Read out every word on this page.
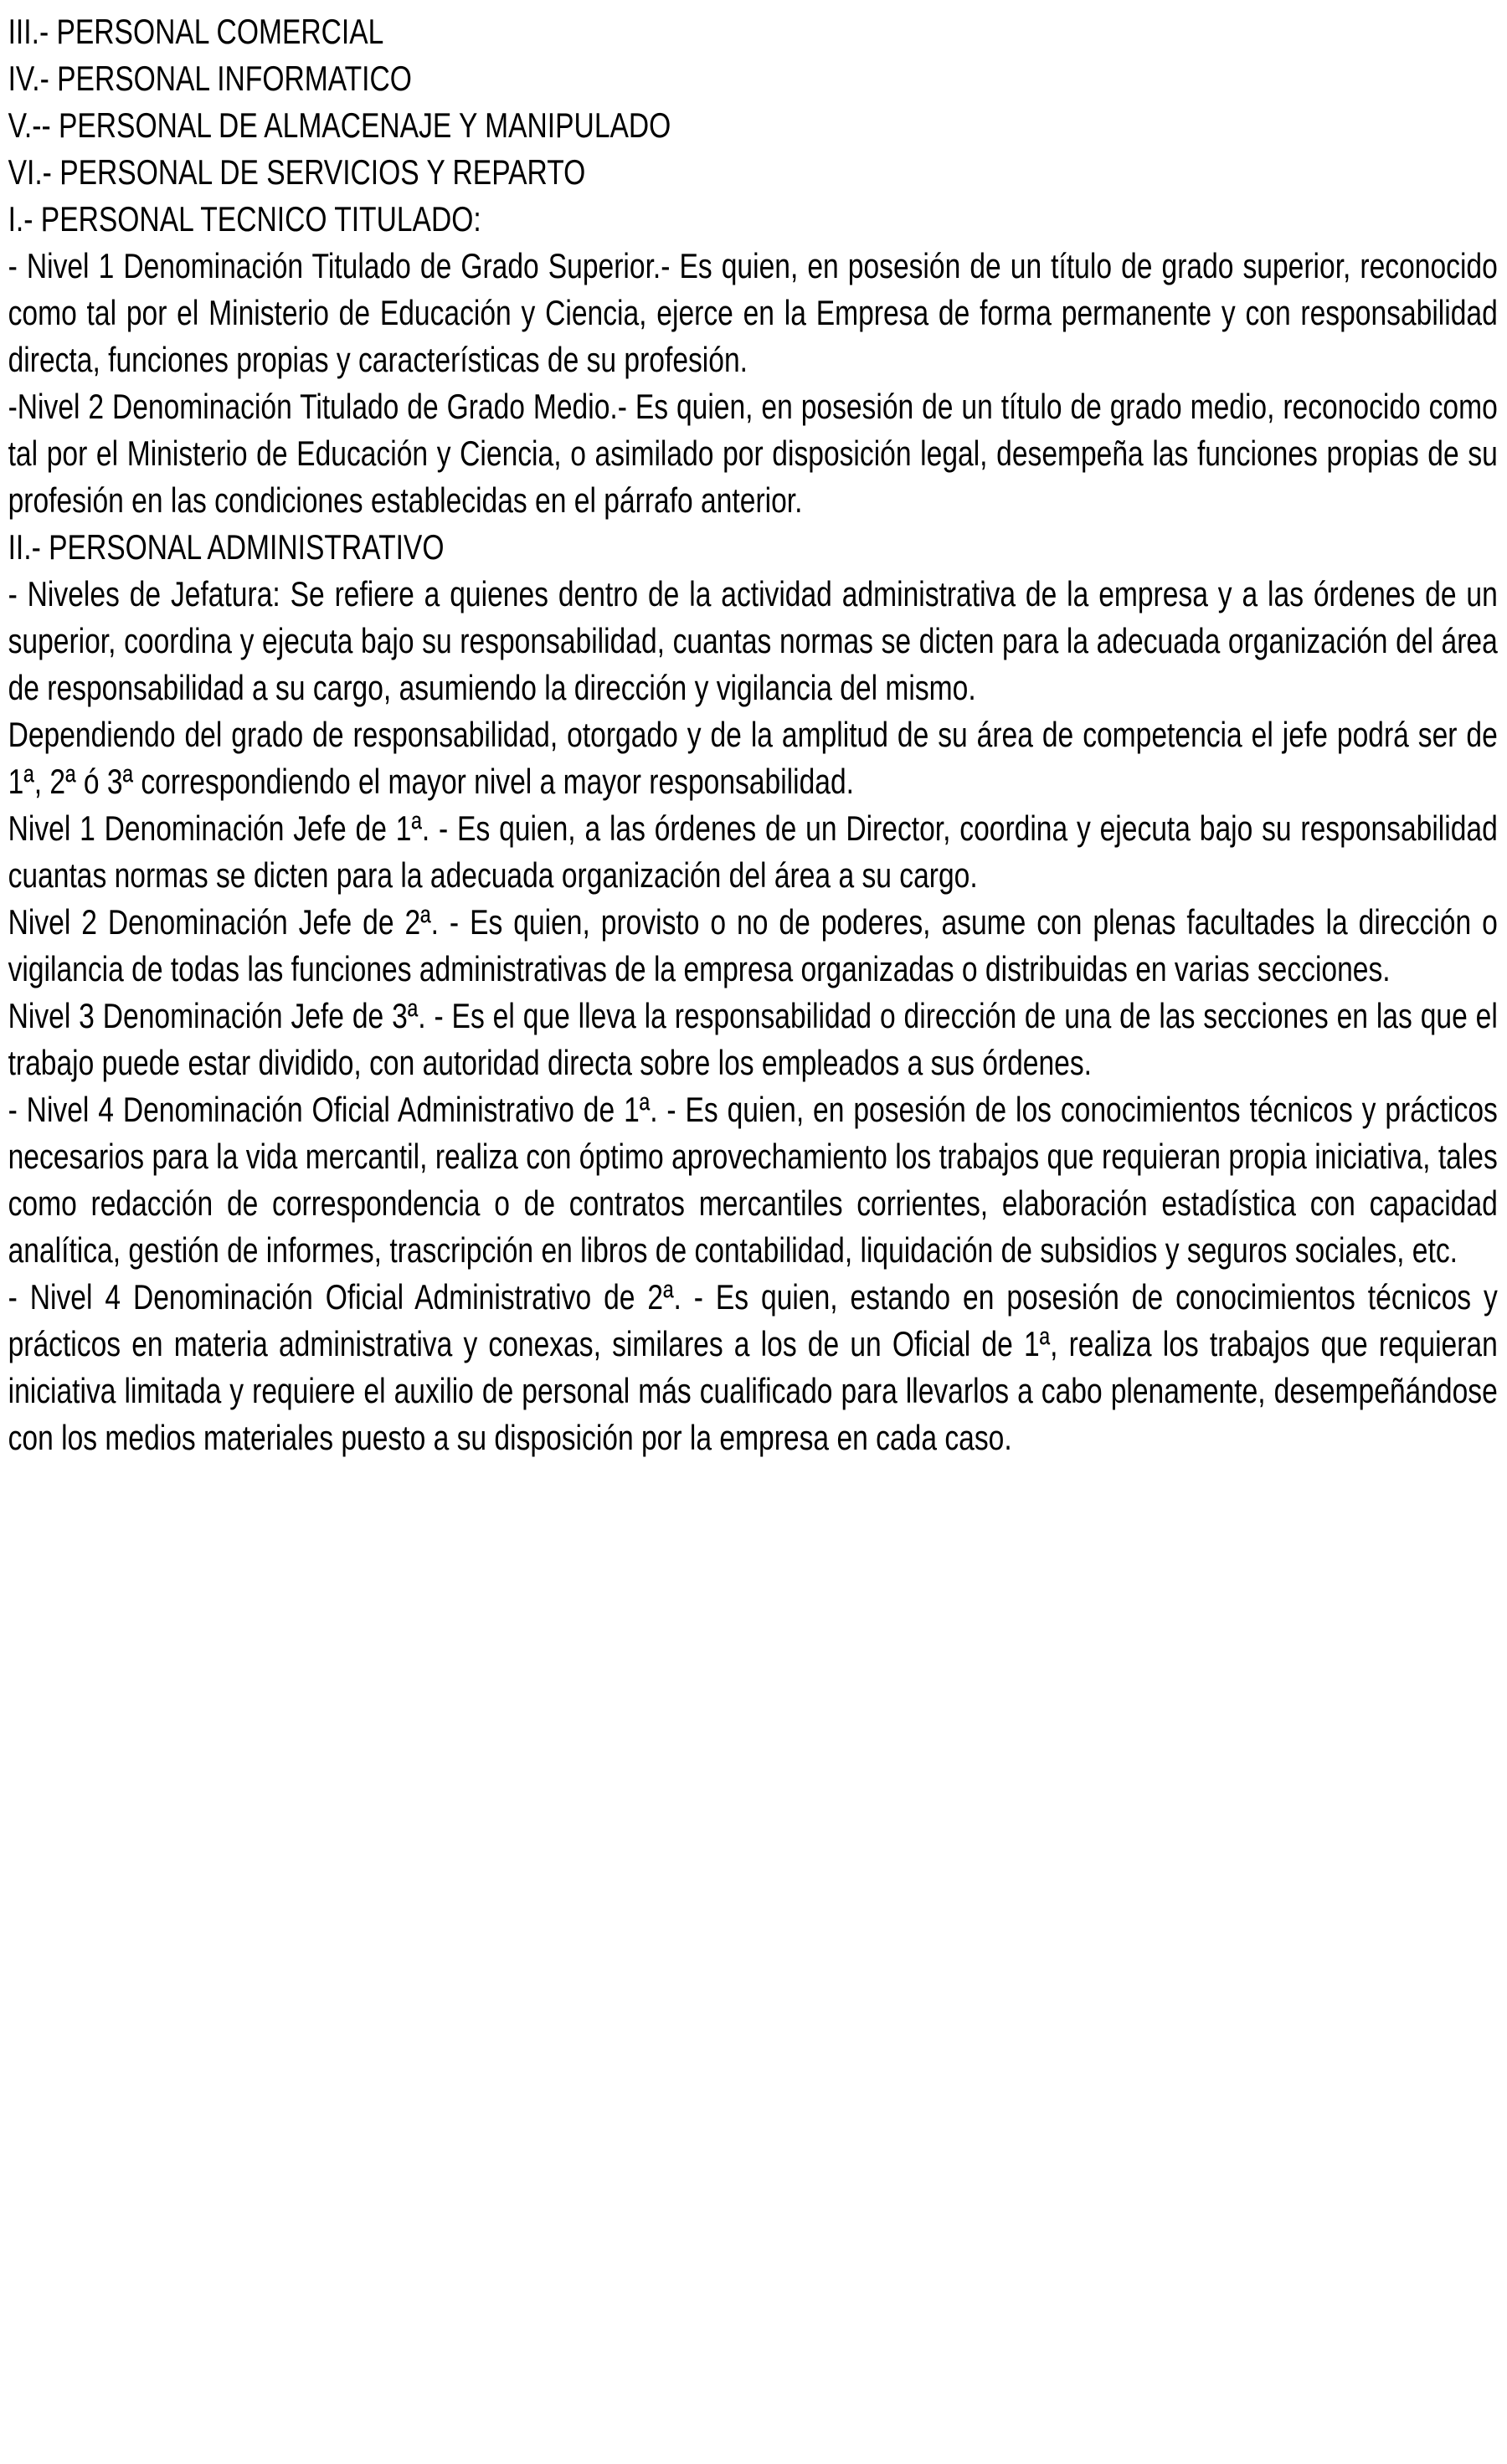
III.- PERSONAL COMERCIAL

IV.- PERSONAL INFORMATICO

V.-- PERSONAL DE ALMACENAJE Y MANIPULADO

VI.- PERSONAL DE SERVICIOS Y REPARTO

I.- PERSONAL TECNICO TITULADO:

- Nivel 1 Denominación Titulado de Grado Superior.- Es quien, en posesión de un título de grado superior, reconocido como tal por el Ministerio de Educación y Ciencia, ejerce en la Empresa de forma permanente y con responsabilidad directa, funciones propias y características de su profesión.

-Nivel 2 Denominación Titulado de Grado Medio.- Es quien, en posesión de un título de grado medio, reconocido como tal por el Ministerio de Educación y Ciencia, o asimilado por disposición legal, desempeña las funciones propias de su profesión en las condiciones establecidas en el párrafo anterior.

II.- PERSONAL ADMINISTRATIVO

- Niveles de Jefatura: Se refiere a quienes dentro de la actividad administrativa de la empresa y a las órdenes de un superior, coordina y ejecuta bajo su responsabilidad, cuantas normas se dicten para la adecuada organización del área de responsabilidad a su cargo, asumiendo la dirección y vigilancia del mismo.

Dependiendo del grado de responsabilidad, otorgado y de la amplitud de su área de competencia el jefe podrá ser de 1ª, 2ª ó 3ª correspondiendo el mayor nivel a mayor responsabilidad.

Nivel 1 Denominación Jefe de 1ª. - Es quien, a las órdenes de un Director, coordina y ejecuta bajo su responsabilidad cuantas normas se dicten para la adecuada organización del área a su cargo.

Nivel 2 Denominación Jefe de 2ª. - Es quien, provisto o no de poderes, asume con plenas facultades la dirección o vigilancia de todas las funciones administrativas de la empresa organizadas o distribuidas en varias secciones.

Nivel 3 Denominación Jefe de 3ª. - Es el que lleva la responsabilidad o dirección de una de las secciones en las que el trabajo puede estar dividido, con autoridad directa sobre los empleados a sus órdenes.

- Nivel 4 Denominación Oficial Administrativo de 1ª. - Es quien, en posesión de los conocimientos técnicos y prácticos necesarios para la vida mercantil, realiza con óptimo aprovechamiento los trabajos que requieran propia iniciativa, tales como redacción de correspondencia o de contratos mercantiles corrientes, elaboración estadística con capacidad analítica, gestión de informes, trascripción en libros de contabilidad, liquidación de subsidios y seguros sociales, etc.

- Nivel 4 Denominación Oficial Administrativo de 2ª. - Es quien, estando en posesión de conocimientos técnicos y prácticos en materia administrativa y conexas, similares a los de un Oficial de 1ª, realiza los trabajos que requieran iniciativa limitada y requiere el auxilio de personal más cualificado para llevarlos a cabo plenamente, desempeñándose con los medios materiales puesto a su disposición por la empresa en cada caso.
